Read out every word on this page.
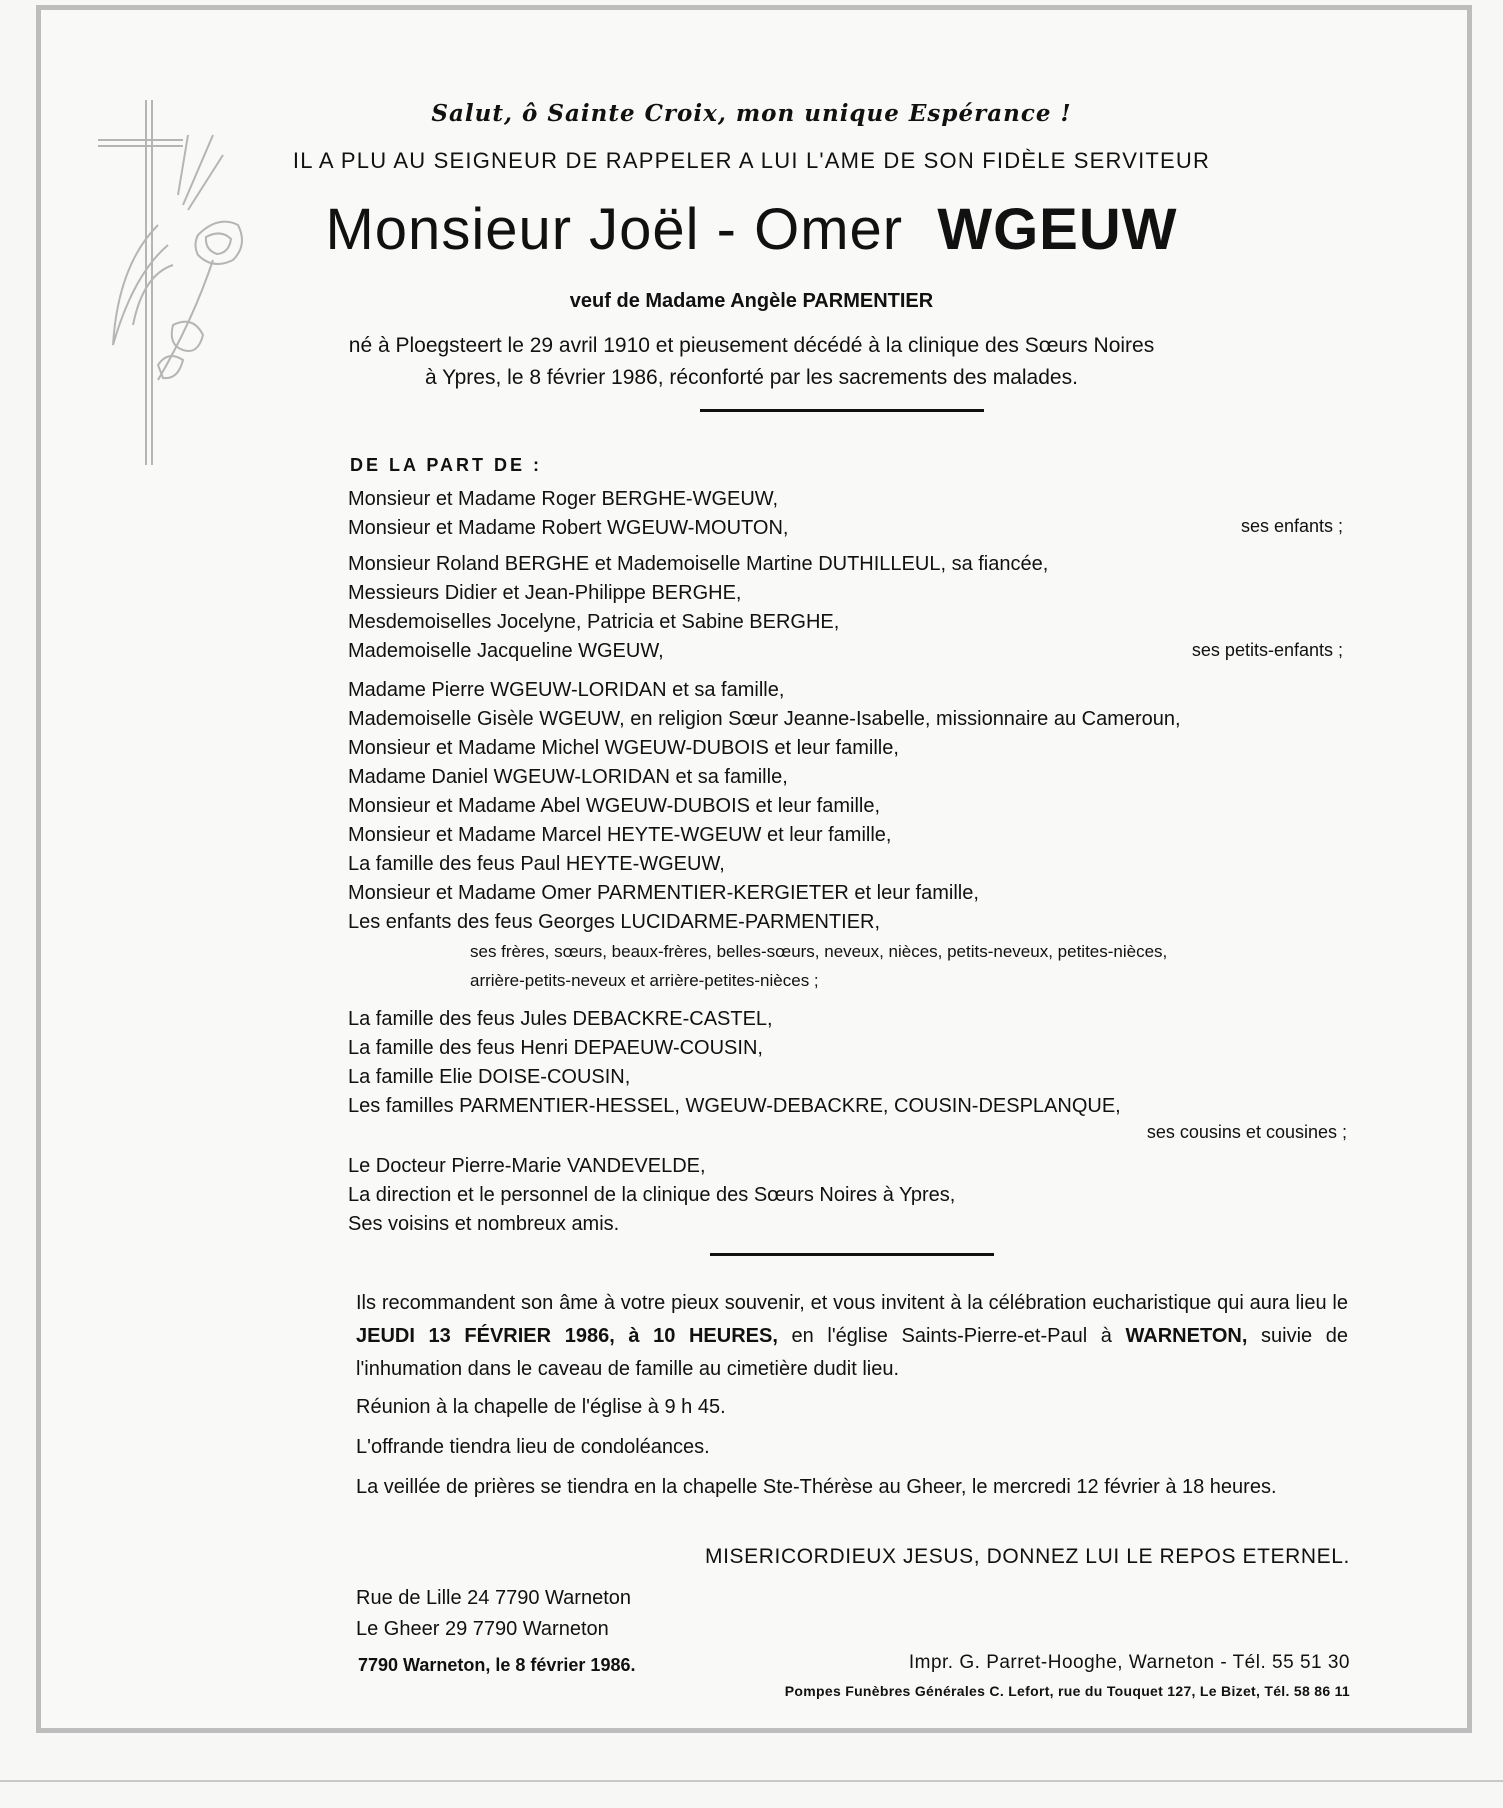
Salut, ô Sainte Croix, mon unique Espérance !
IL A PLU AU SEIGNEUR DE RAPPELER A LUI L'AME DE SON FIDÈLE SERVITEUR
Monsieur Joël - Omer WGEUW
veuf de Madame Angèle PARMENTIER
né à Ploegsteert le 29 avril 1910 et pieusement décédé à la clinique des Sœurs Noires
à Ypres, le 8 février 1986, réconforté par les sacrements des malades.
DE LA PART DE :
Monsieur et Madame Roger BERGHE-WGEUW,
Monsieur et Madame Robert WGEUW-MOUTON,	ses enfants ;
Monsieur Roland BERGHE et Mademoiselle Martine DUTHILLEUL, sa fiancée,
Messieurs Didier et Jean-Philippe BERGHE,
Mesdemoiselles Jocelyne, Patricia et Sabine BERGHE,
Mademoiselle Jacqueline WGEUW,	ses petits-enfants ;
Madame Pierre WGEUW-LORIDAN et sa famille,
Mademoiselle Gisèle WGEUW, en religion Sœur Jeanne-Isabelle, missionnaire au Cameroun,
Monsieur et Madame Michel WGEUW-DUBOIS et leur famille,
Madame Daniel WGEUW-LORIDAN et sa famille,
Monsieur et Madame Abel WGEUW-DUBOIS et leur famille,
Monsieur et Madame Marcel HEYTE-WGEUW et leur famille,
La famille des feus Paul HEYTE-WGEUW,
Monsieur et Madame Omer PARMENTIER-KERGIETER et leur famille,
Les enfants des feus Georges LUCIDARME-PARMENTIER,
ses frères, sœurs, beaux-frères, belles-sœurs, neveux, nièces, petits-neveux, petites-nièces,
arrière-petits-neveux et arrière-petites-nièces ;
La famille des feus Jules DEBACKRE-CASTEL,
La famille des feus Henri DEPAEUW-COUSIN,
La famille Elie DOISE-COUSIN,
Les familles PARMENTIER-HESSEL, WGEUW-DEBACKRE, COUSIN-DESPLANQUE,
ses cousins et cousines ;
Le Docteur Pierre-Marie VANDEVELDE,
La direction et le personnel de la clinique des Sœurs Noires à Ypres,
Ses voisins et nombreux amis.
Ils recommandent son âme à votre pieux souvenir, et vous invitent à la célébration eucharistique qui aura lieu le JEUDI 13 FÉVRIER 1986, à 10 HEURES, en l'église Saints-Pierre-et-Paul à WARNETON, suivie de l'inhumation dans le caveau de famille au cimetière dudit lieu.
Réunion à la chapelle de l'église à 9 h 45.
L'offrande tiendra lieu de condoléances.
La veillée de prières se tiendra en la chapelle Ste-Thérèse au Gheer, le mercredi 12 février à 18 heures.
MISERICORDIEUX JESUS, DONNEZ LUI LE REPOS ETERNEL.
Rue de Lille 24 7790 Warneton
Le Gheer 29 7790 Warneton
7790 Warneton, le 8 février 1986.	Impr. G. Parret-Hooghe, Warneton - Tél. 55 51 30
Pompes Funèbres Générales C. Lefort, rue du Touquet 127, Le Bizet, Tél. 58 86 11
